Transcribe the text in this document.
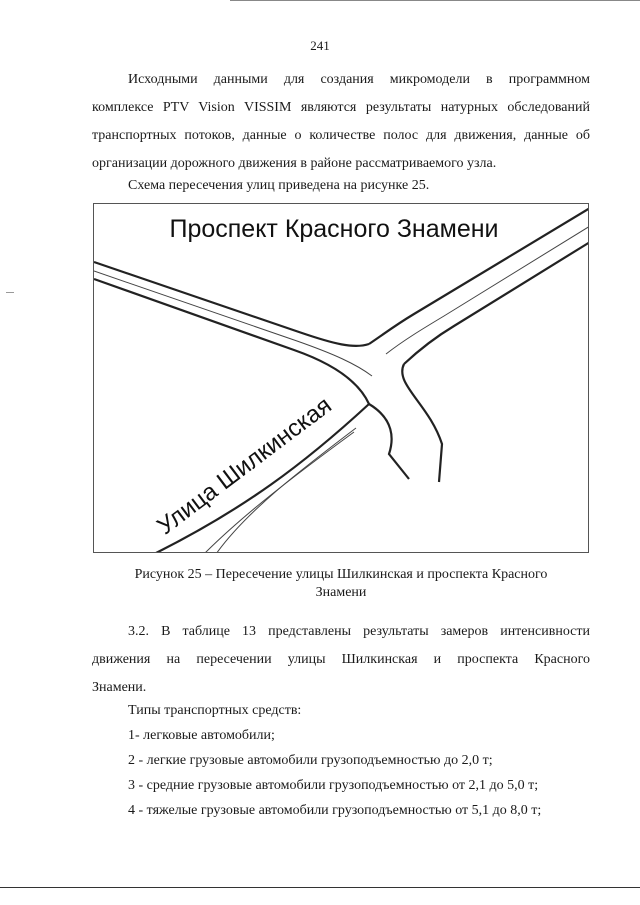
241
Исходными данными для создания микромодели в программном
комплексе PTV Vision VISSIM являются результаты натурных обследований
транспортных потоков, данные о количестве полос для движения, данные об
организации дорожного движения в районе рассматриваемого узла.
Схема пересечения улиц приведена на рисунке 25.
Проспект Красного Знамени
Улица Шилкинская
Рисунок 25 – Пересечение улицы Шилкинская и проспекта Красного
Знамени
3.2. В таблице 13 представлены результаты замеров интенсивности
движения на пересечении улицы Шилкинская и проспекта Красного
Знамени.
Типы транспортных средств:
1- легковые автомобили;
2 - легкие грузовые автомобили грузоподъемностью до 2,0 т;
3 - средние грузовые автомобили грузоподъемностью от 2,1 до 5,0 т;
4 - тяжелые грузовые автомобили грузоподъемностью от 5,1 до 8,0 т;
